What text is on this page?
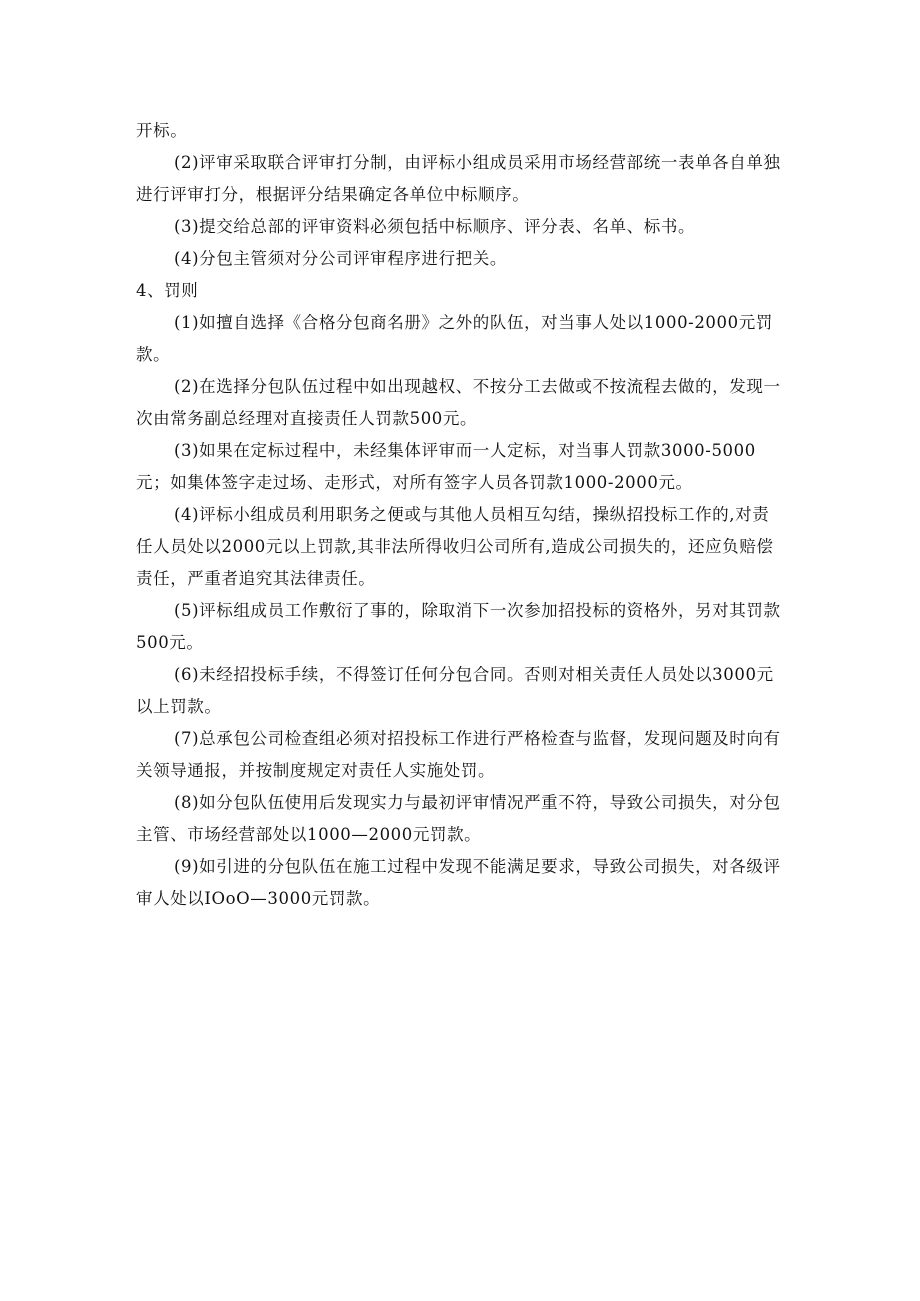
开标。

(2)评审采取联合评审打分制，由评标小组成员采用市场经营部统一表单各自单独进行评审打分，根据评分结果确定各单位中标顺序。

(3)提交给总部的评审资料必须包括中标顺序、评分表、名单、标书。

(4)分包主管须对分公司评审程序进行把关。

4、罚则

(1)如擅自选择《合格分包商名册》之外的队伍，对当事人处以1000-2000元罚款。

(2)在选择分包队伍过程中如出现越权、不按分工去做或不按流程去做的，发现一次由常务副总经理对直接责任人罚款500元。

(3)如果在定标过程中，未经集体评审而一人定标，对当事人罚款3000-5000元；如集体签字走过场、走形式，对所有签字人员各罚款1000-2000元。

(4)评标小组成员利用职务之便或与其他人员相互勾结，操纵招投标工作的,对责任人员处以2000元以上罚款,其非法所得收归公司所有,造成公司损失的，还应负赔偿责任，严重者追究其法律责任。

(5)评标组成员工作敷衍了事的，除取消下一次参加招投标的资格外，另对其罚款500元。

(6)未经招投标手续，不得签订任何分包合同。否则对相关责任人员处以3000元以上罚款。

(7)总承包公司检查组必须对招投标工作进行严格检查与监督，发现问题及时向有关领导通报，并按制度规定对责任人实施处罚。

(8)如分包队伍使用后发现实力与最初评审情况严重不符，导致公司损失，对分包主管、市场经营部处以1000—2000元罚款。

(9)如引进的分包队伍在施工过程中发现不能满足要求，导致公司损失，对各级评审人处以IOoO—3000元罚款。
